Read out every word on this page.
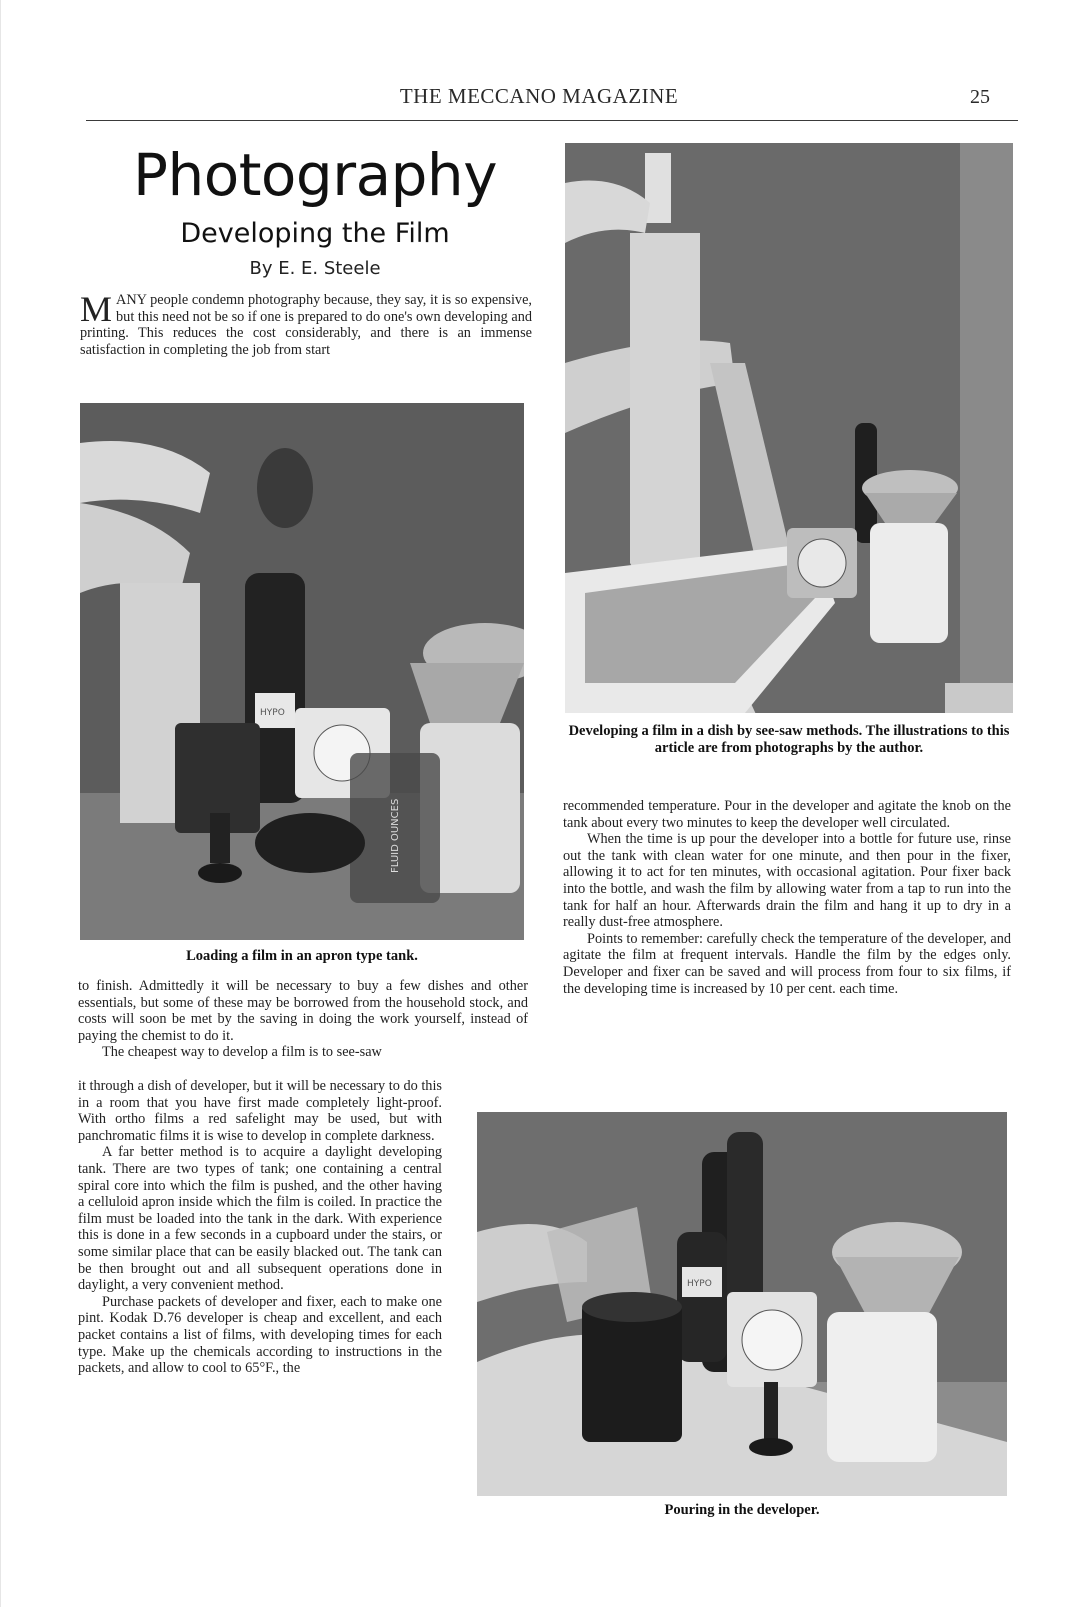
THE MECCANO MAGAZINE	25
Photography
Developing the Film
By E. E. Steele

MANY people condemn photography because, they say, it is so expensive, but this need not be so if one is prepared to do one's own developing and printing. This reduces the cost considerably, and there is an immense satisfaction in completing the job from start

HYPO
FLUID OUNCES
Loading a film in an apron type tank.

to finish. Admittedly it will be necessary to buy a few dishes and other essentials, but some of these may be borrowed from the household stock, and costs will soon be met by the saving in doing the work yourself, instead of paying the chemist to do it.

The cheapest way to develop a film is to see-saw

it through a dish of developer, but it will be necessary to do this in a room that you have first made completely light-proof. With ortho films a red safelight may be used, but with panchromatic films it is wise to develop in complete darkness.

A far better method is to acquire a daylight developing tank. There are two types of tank; one containing a central spiral core into which the film is pushed, and the other having a celluloid apron inside which the film is coiled. In practice the film must be loaded into the tank in the dark. With experience this is done in a few seconds in a cupboard under the stairs, or some similar place that can be easily blacked out. The tank can be then brought out and all subsequent operations done in daylight, a very convenient method.

Purchase packets of developer and fixer, each to make one pint. Kodak D.76 developer is cheap and excellent, and each packet contains a list of films, with developing times for each type. Make up the chemicals according to instructions in the packets, and allow to cool to 65°F., the

Developing a film in a dish by see-saw methods. The illustrations to this article are from photographs by the author.

recommended temperature. Pour in the developer and agitate the knob on the tank about every two minutes to keep the developer well circulated.

When the time is up pour the developer into a bottle for future use, rinse out the tank with clean water for one minute, and then pour in the fixer, allowing it to act for ten minutes, with occasional agitation. Pour fixer back into the bottle, and wash the film by allowing water from a tap to run into the tank for half an hour. Afterwards drain the film and hang it up to dry in a really dust-free atmosphere.

Points to remember: carefully check the temperature of the developer, and agitate the film at frequent intervals. Handle the film by the edges only. Developer and fixer can be saved and will process from four to six films, if the developing time is increased by 10 per cent. each time.

HYPO
Pouring in the developer.
